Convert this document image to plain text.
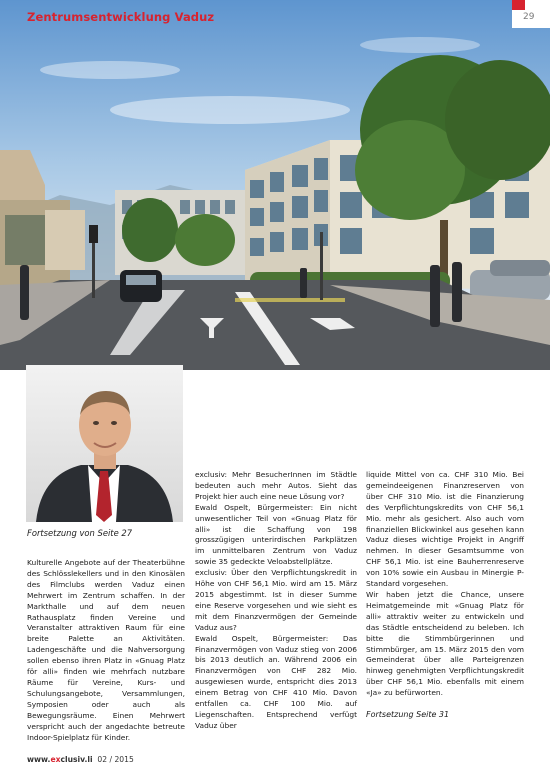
Zentrumsentwicklung Vaduz	29
Fortsetzung von Seite 27

Kulturelle Angebote auf der Theaterbühne des Schlösslekellers und in den Kinosälen des Filmclubs werden Vaduz einen Mehrwert im Zentrum schaffen. In der Markthalle und auf dem neuen Rathausplatz finden Vereine und Veranstalter attraktiven Raum für eine breite Palette an Aktivitäten. Ladengeschäfte und die Nahversorgung sollen ebenso ihren Platz in «Gnuag Platz för alli» finden wie mehrfach nutzbare Räume für Vereine, Kurs- und Schulungsangebote, Versammlungen, Symposien oder auch als Bewegungsräume. Einen Mehrwert verspricht auch der angedachte betreute Indoor-Spielplatz für Kinder.

exclusiv: Mehr BesucherInnen im Städtle bedeuten auch mehr Autos. Sieht das Projekt hier auch eine neue Lösung vor?

Ewald Ospelt, Bürgermeister: Ein nicht unwesentlicher Teil von «Gnuag Platz för alli» ist die Schaffung von 198 grosszügigen unterirdischen Parkplätzen im unmittelbaren Zentrum von Vaduz sowie 35 gedeckte Veloabstellplätze.

exclusiv: Über den Verpflichtungskredit in Höhe von CHF 56,1 Mio. wird am 15. März 2015 abgestimmt. Ist in dieser Summe eine Reserve vorgesehen und wie sieht es mit dem Finanzvermögen der Gemeinde Vaduz aus?

Ewald Ospelt, Bürgermeister: Das Finanzvermögen von Vaduz stieg von 2006 bis 2013 deutlich an. Während 2006 ein Finanzvermögen von CHF 282 Mio. ausgewiesen wurde, entspricht dies 2013 einem Betrag von CHF 410 Mio. Davon entfallen ca. CHF 100 Mio. auf Liegenschaften. Entsprechend verfügt Vaduz über

liquide Mittel von ca. CHF 310 Mio. Bei gemeindeeigenen Finanzreserven von über CHF 310 Mio. ist die Finanzierung des Verpflichtungskredits von CHF 56,1 Mio. mehr als gesichert. Also auch vom finanziellen Blickwinkel aus gesehen kann Vaduz dieses wichtige Projekt in Angriff nehmen. In dieser Gesamtsumme von CHF 56,1 Mio. ist eine Bauherrenreserve von 10% sowie ein Ausbau in Minergie P-Standard vorgesehen.

Wir haben jetzt die Chance, unsere Heimatgemeinde mit «Gnuag Platz för alli» attraktiv weiter zu entwickeln und das Städtle entscheidend zu beleben. Ich bitte die Stimmbürgerinnen und Stimmbürger, am 15. März 2015 den vom Gemeinderat über alle Parteigrenzen hinweg genehmigten Verpflichtungskredit über CHF 56,1 Mio. ebenfalls mit einem «Ja» zu befürworten.

Fortsetzung Seite 31

www.exclusiv.li 02 / 2015
